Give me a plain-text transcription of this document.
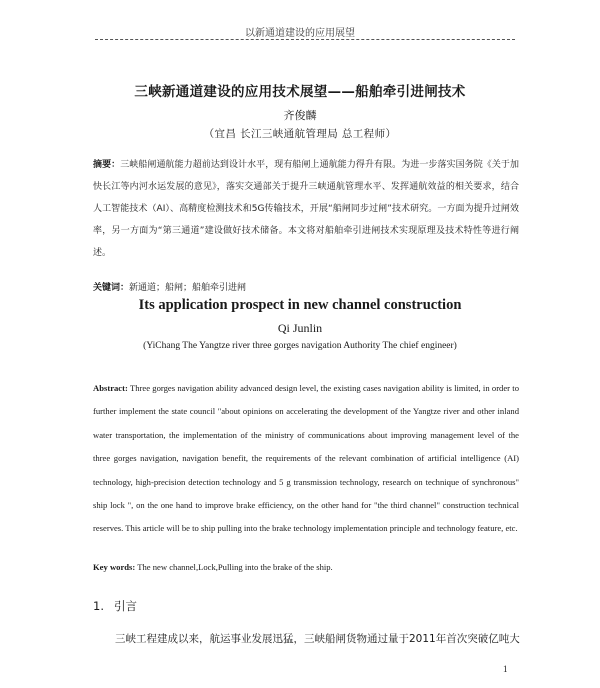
以新通道建设的应用展望
三峡新通道建设的应用技术展望——船舶牵引进闸技术
齐俊麟
（宜昌 长江三峡通航管理局 总工程师）
摘要：三峡船闸通航能力超前达到设计水平，现有船闸上通航能力得升有限。为进一步落实国务院《关于加快长江等内河水运发展的意见》，落实交通部关于提升三峡通航管理水平、发挥通航效益的相关要求，结合人工智能技术（AI）、高精度检测技术和5G传输技术，开展“船闸同步过闸”技术研究。一方面为提升过闸效率，另一方面为“第三通道”建设做好技术储备。本文将对船舶牵引进闸技术实现原理及技术特性等进行阐述。
关键词：新通道；船闸；船舶牵引进闸
Its application prospect in new channel construction
Qi Junlin
(YiChang The Yangtze river three gorges navigation Authority The chief engineer)
Abstract: Three gorges navigation ability advanced design level, the existing cases navigation ability is limited, in order to further implement the state council "about opinions on accelerating the development of the Yangtze river and other inland water transportation, the implementation of the ministry of communications about improving management level of the three gorges navigation, navigation benefit, the requirements of the relevant combination of artificial intelligence (AI) technology, high-precision detection technology and 5 g transmission technology, research on technique of synchronous" ship lock ", on the one hand to improve brake efficiency, on the other hand for "the third channel" construction technical reserves. This article will be to ship pulling into the brake technology implementation principle and technology feature, etc.
Key words: The new channel,Lock,Pulling into the brake of the ship.
1. 引言
三峡工程建成以来，航运事业发展迅猛，三峡船闸货物通过量于2011年首次突破亿吨大
1
